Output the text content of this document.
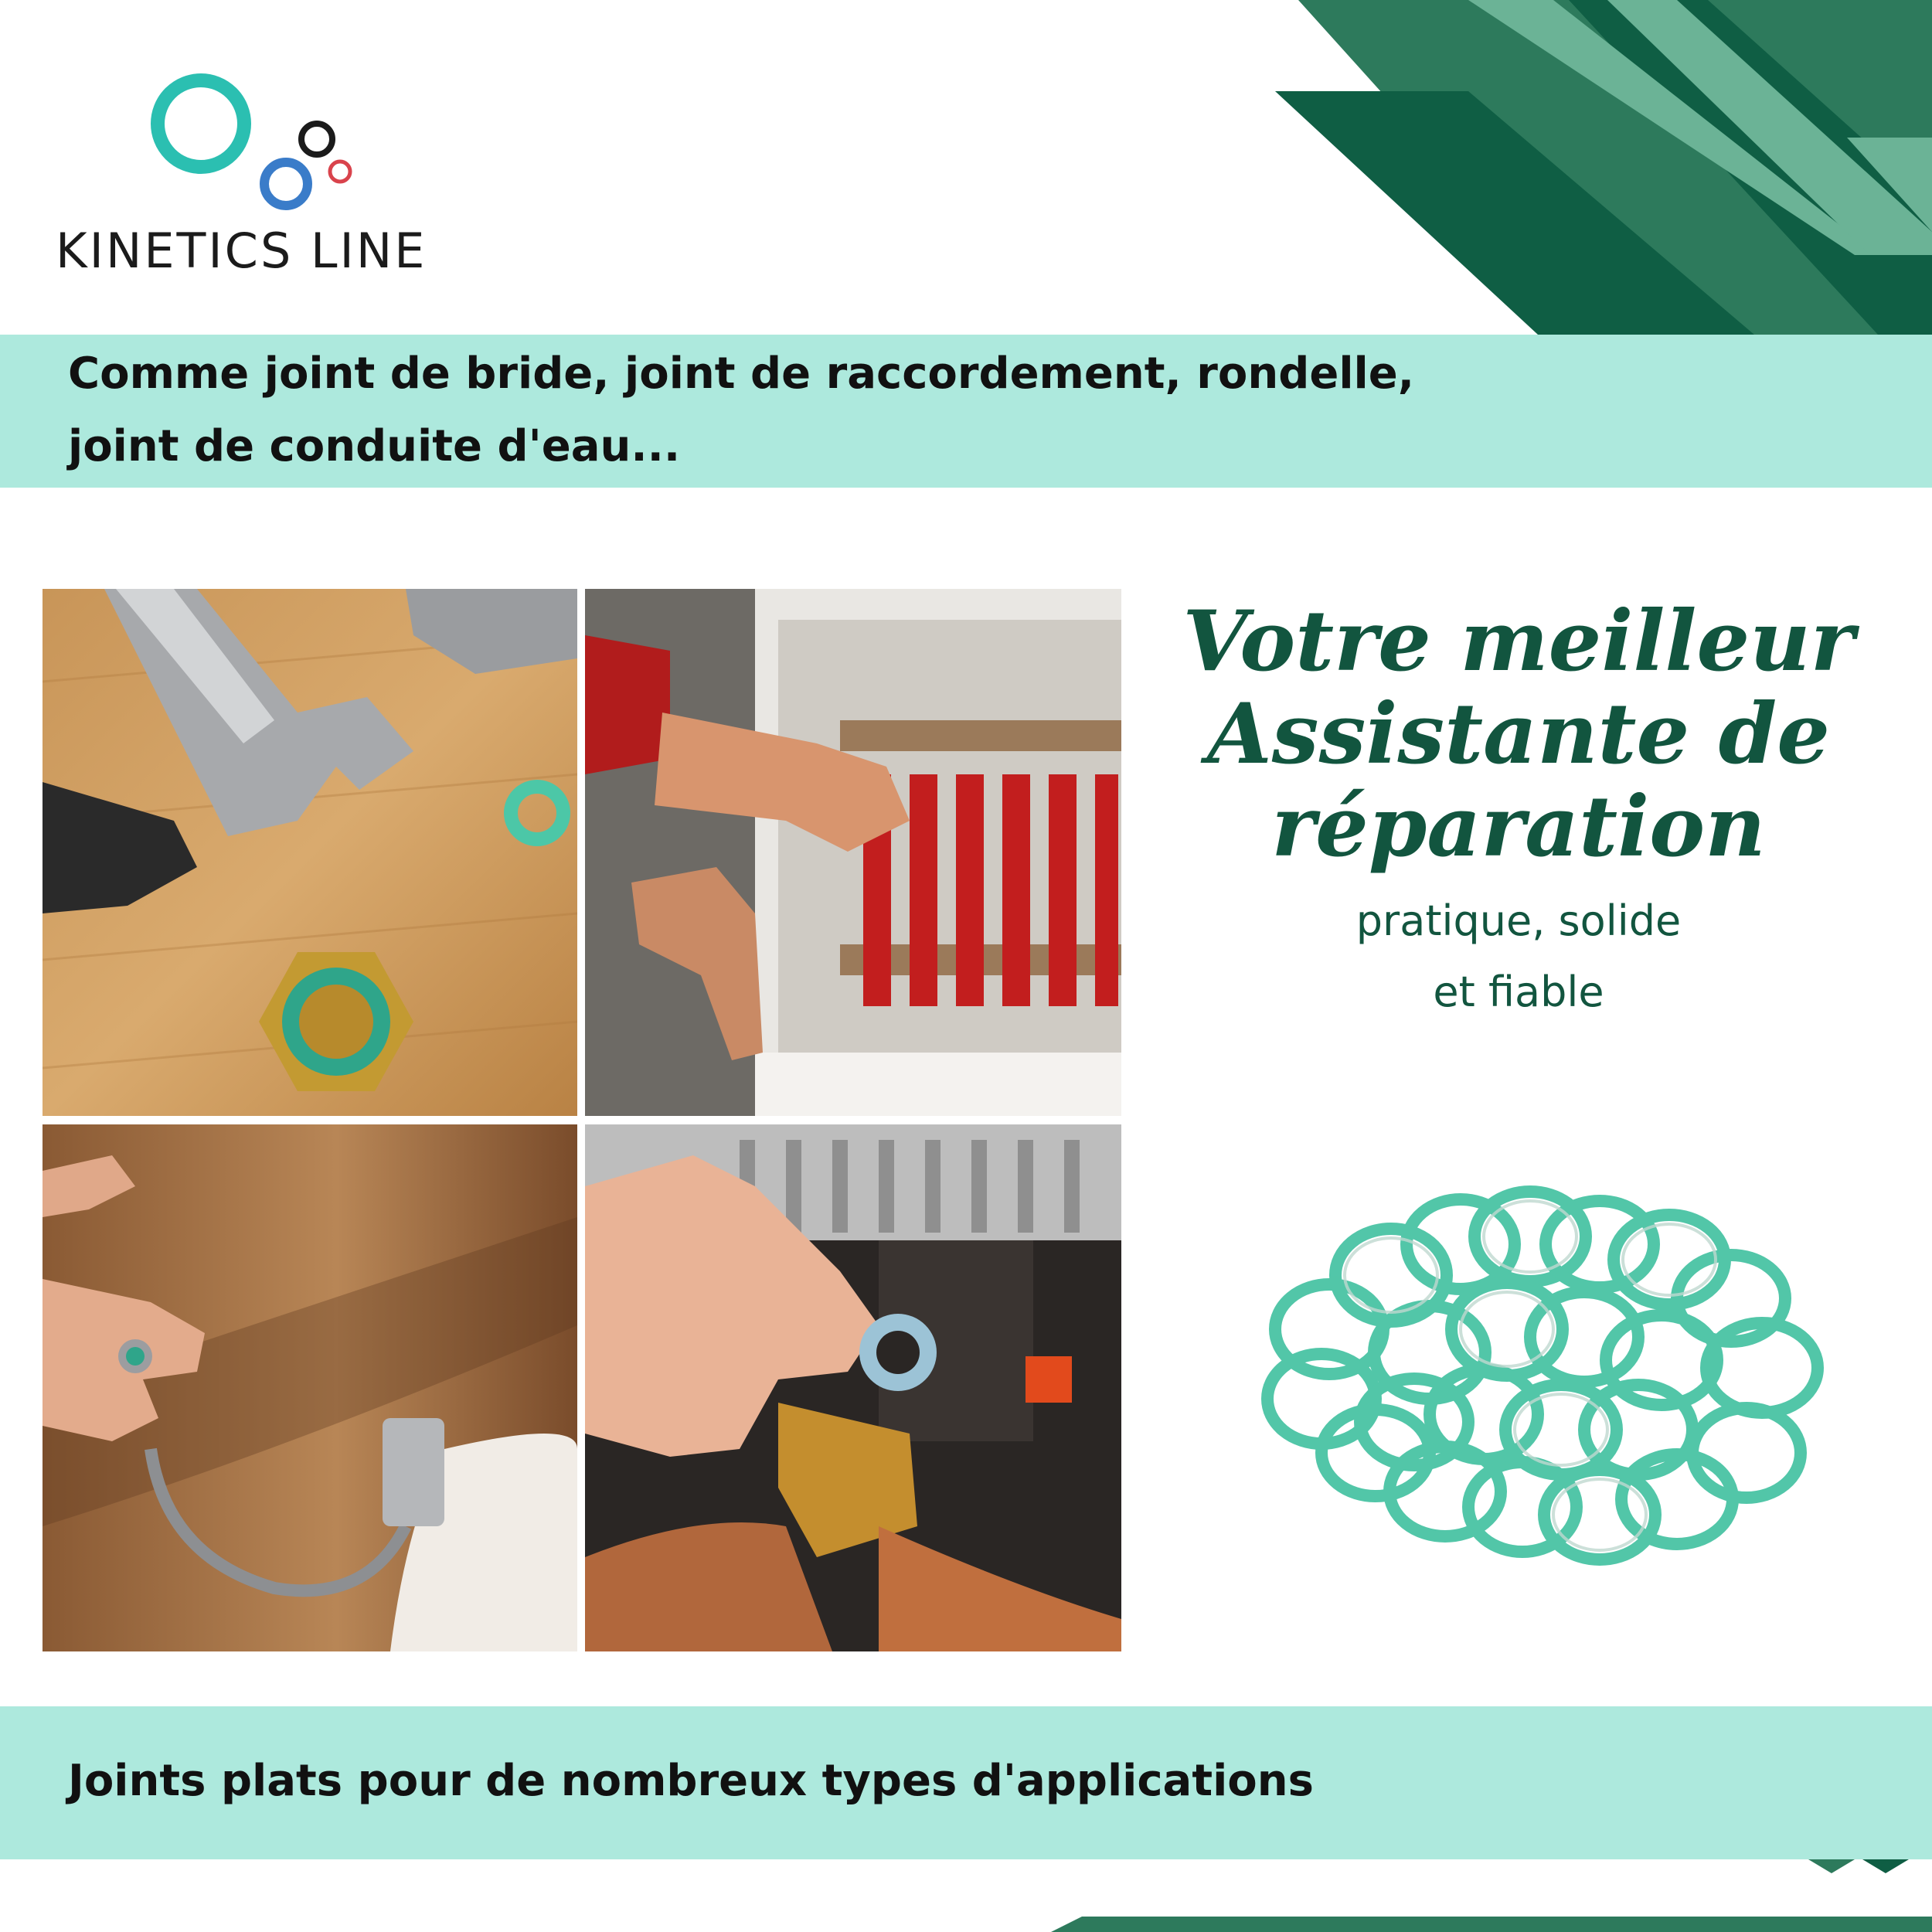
KINETICS LINE
Comme joint de bride, joint de raccordement, rondelle,
joint de conduite d'eau...
Votre meilleur
Assistante de
réparation
pratique, solide
et fiable
Joints plats pour de nombreux types d'applications
